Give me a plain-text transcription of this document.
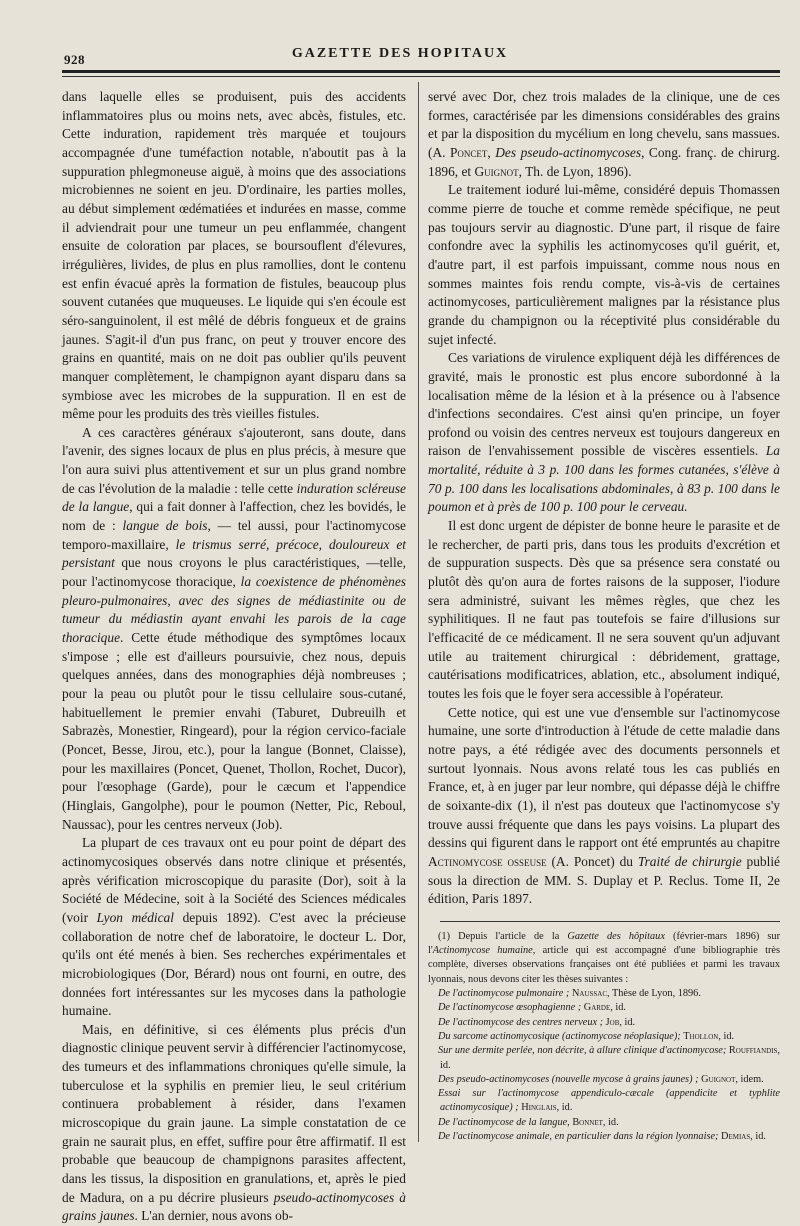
928	GAZETTE DES HOPITAUX

dans laquelle elles se produisent, puis des accidents inflammatoires plus ou moins nets, avec abcès, fistules, etc. Cette induration, rapidement très marquée et toujours accompagnée d'une tuméfaction notable, n'aboutit pas à la suppuration phlegmoneuse aiguë, à moins que des associations microbiennes ne soient en jeu. D'ordinaire, les parties molles, au début simplement œdématiées et indurées en masse, comme il adviendrait pour une tumeur un peu enflammée, changent ensuite de coloration par places, se boursouflent d'élevures, irrégulières, livides, de plus en plus ramollies, dont le contenu est enfin évacué après la formation de fistules, beaucoup plus souvent cutanées que muqueuses. Le liquide qui s'en écoule est séro-sanguinolent, il est mêlé de débris fongueux et de grains jaunes. S'agit-il d'un pus franc, on peut y trouver encore des grains en quantité, mais on ne doit pas oublier qu'ils peuvent manquer complètement, le champignon ayant disparu dans sa symbiose avec les microbes de la suppuration. Il en est de même pour les produits des très vieilles fistules.

A ces caractères généraux s'ajouteront, sans doute, dans l'avenir, des signes locaux de plus en plus précis, à mesure que l'on aura suivi plus attentivement et sur un plus grand nombre de cas l'évolution de la maladie : telle cette induration scléreuse de la langue, qui a fait donner à l'affection, chez les bovidés, le nom de : langue de bois, — tel aussi, pour l'actinomycose temporo-maxillaire, le trismus serré, précoce, douloureux et persistant que nous croyons le plus caractéristiques, —telle, pour l'actinomycose thoracique, la coexistence de phénomènes pleuro-pulmonaires, avec des signes de médiastinite ou de tumeur du médiastin ayant envahi les parois de la cage thoracique. Cette étude méthodique des symptômes locaux s'impose ; elle est d'ailleurs poursuivie, chez nous, depuis quelques années, dans des monographies déjà nombreuses ; pour la peau ou plutôt pour le tissu cellulaire sous-cutané, habituellement le premier envahi (Taburet, Dubreuilh et Sabrazès, Monestier, Ringeard), pour la région cervico-faciale (Poncet, Besse, Jirou, etc.), pour la langue (Bonnet, Claisse), pour les maxillaires (Poncet, Quenet, Thollon, Rochet, Ducor), pour l'œsophage (Garde), pour le cæcum et l'appendice (Hinglais, Gangolphe), pour le poumon (Netter, Pic, Reboul, Naussac), pour les centres nerveux (Job).

La plupart de ces travaux ont eu pour point de départ des actinomycosiques observés dans notre clinique et présentés, après vérification microscopique du parasite (Dor), soit à la Société de Médecine, soit à la Société des Sciences médicales (voir Lyon médical depuis 1892). C'est avec la précieuse collaboration de notre chef de laboratoire, le docteur L. Dor, qu'ils ont été menés à bien. Ses recherches expérimentales et microbiologiques (Dor, Bérard) nous ont fourni, en outre, des données fort intéressantes sur les mycoses dans la pathologie humaine.

Mais, en définitive, si ces éléments plus précis d'un diagnostic clinique peuvent servir à différencier l'actinomycose, des tumeurs et des inflammations chroniques qu'elle simule, la tuberculose et la syphilis en premier lieu, le seul critérium continuera probablement à résider, dans l'examen microscopique du grain jaune. La simple constatation de ce grain ne saurait plus, en effet, suffire pour être affirmatif. Il est probable que beaucoup de champignons parasites affectent, dans les tissus, la disposition en granulations, et, après le pied de Madura, on a pu décrire plusieurs pseudo-actinomycoses à grains jaunes. L'an dernier, nous avons ob-

servé avec Dor, chez trois malades de la clinique, une de ces formes, caractérisée par les dimensions considérables des grains et par la disposition du mycélium en long chevelu, sans massues. (A. Poncet, Des pseudo-actinomycoses, Cong. franç. de chirurg. 1896, et Guignot, Th. de Lyon, 1896).

Le traitement ioduré lui-même, considéré depuis Thomassen comme pierre de touche et comme remède spécifique, ne peut pas toujours servir au diagnostic. D'une part, il risque de faire confondre avec la syphilis les actinomycoses qu'il guérit, et, d'autre part, il est parfois impuissant, comme nous nous en sommes maintes fois rendu compte, vis-à-vis de certaines actinomycoses, particulièrement malignes par la résistance plus grande du champignon ou la réceptivité plus considérable du sujet infecté.

Ces variations de virulence expliquent déjà les différences de gravité, mais le pronostic est plus encore subordonné à la localisation même de la lésion et à la présence ou à l'absence d'infections secondaires. C'est ainsi qu'en principe, un foyer profond ou voisin des centres nerveux est toujours dangereux en raison de l'envahissement possible de viscères essentiels. La mortalité, réduite à 3 p. 100 dans les formes cutanées, s'élève à 70 p. 100 dans les localisations abdominales, à 83 p. 100 dans le poumon et à près de 100 p. 100 pour le cerveau.

Il est donc urgent de dépister de bonne heure le parasite et de le rechercher, de parti pris, dans tous les produits d'excrétion et de suppuration suspects. Dès que sa présence sera constaté ou plutôt dès qu'on aura de fortes raisons de la supposer, l'iodure sera administré, suivant les mêmes règles, que chez les syphilitiques. Il ne faut pas toutefois se faire d'illusions sur l'efficacité de ce médicament. Il ne sera souvent qu'un adjuvant utile au traitement chirurgical : débridement, grattage, cautérisations modificatrices, ablation, etc., absolument indiqué, toutes les fois que le foyer sera accessible à l'opérateur.

Cette notice, qui est une vue d'ensemble sur l'actinomycose humaine, une sorte d'introduction à l'étude de cette maladie dans notre pays, a été rédigée avec des documents personnels et surtout lyonnais. Nous avons relaté tous les cas publiés en France, et, à en juger par leur nombre, qui dépasse déjà le chiffre de soixante-dix (1), il n'est pas douteux que l'actinomycose s'y trouve aussi fréquente que dans les pays voisins. La plupart des dessins qui figurent dans le rapport ont été empruntés au chapitre Actinomycose osseuse (A. Poncet) du Traité de chirurgie publié sous la direction de MM. S. Duplay et P. Reclus. Tome II, 2e édition, Paris 1897.

(1) Depuis l'article de la Gazette des hôpitaux (février-mars 1896) sur l'Actinomycose humaine, article qui est accompagné d'une bibliographie très complète, diverses observations françaises ont été publiées et parmi les travaux lyonnais, nous devons citer les thèses suivantes :

De l'actinomycose pulmonaire ; Naussac, Thèse de Lyon, 1896.

De l'actinomycose œsophagienne ; Garde, id.

De l'actinomycose des centres nerveux ; Job, id.

Du sarcome actinomycosique (actinomycose néoplasique); Thollon, id.

Sur une dermite perlée, non décrite, à allure clinique d'actinomycose; Rouffiandis, id.

Des pseudo-actinomycoses (nouvelle mycose à grains jaunes) ; Guignot, idem.

Essai sur l'actinomycose appendiculo-cæcale (appendicite et typhlite actinomycosique) ; Hinglais, id.

De l'actinomycose de la langue, Bonnet, id.

De l'actinomycose animale, en particulier dans la région lyonnaise; Demias, id.
